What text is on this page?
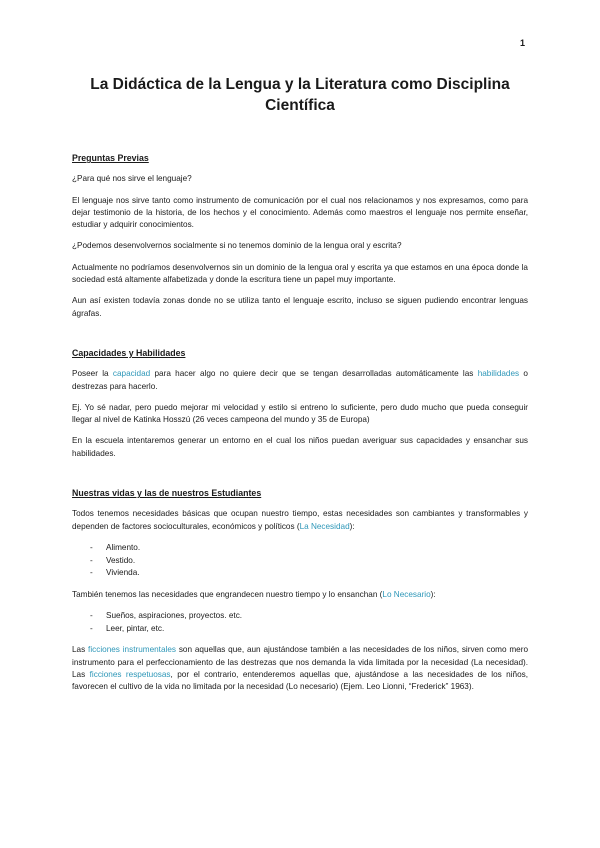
1
La Didáctica de la Lengua y la Literatura como Disciplina
Científica
Preguntas Previas

¿Para qué nos sirve el lenguaje?

El lenguaje nos sirve tanto como instrumento de comunicación por el cual nos relacionamos y nos expresamos, como para dejar testimonio de la historia, de los hechos y el conocimiento. Además como maestros el lenguaje nos permite enseñar, estudiar y adquirir conocimientos.

¿Podemos desenvolvernos socialmente si no tenemos dominio de la lengua oral y escrita?

Actualmente no podríamos desenvolvernos sin un dominio de la lengua oral y escrita ya que estamos en una época donde la sociedad está altamente alfabetizada y donde la escritura tiene un papel muy importante.

Aun así existen todavía zonas donde no se utiliza tanto el lenguaje escrito, incluso se siguen pudiendo encontrar lenguas ágrafas.

Capacidades y Habilidades

Poseer la capacidad para hacer algo no quiere decir que se tengan desarrolladas automáticamente las habilidades o destrezas para hacerlo.

Ej. Yo sé nadar, pero puedo mejorar mi velocidad y estilo si entreno lo suficiente, pero dudo mucho que pueda conseguir llegar al nivel de Katinka Hosszú (26 veces campeona del mundo y 35 de Europa)

En la escuela intentaremos generar un entorno en el cual los niños puedan averiguar sus capacidades y ensanchar sus habilidades.

Nuestras vidas y las de nuestros Estudiantes

Todos tenemos necesidades básicas que ocupan nuestro tiempo, estas necesidades son cambiantes y transformables y dependen de factores socioculturales, económicos y políticos (La Necesidad):

- Alimento.
- Vestido.
- Vivienda.

También tenemos las necesidades que engrandecen nuestro tiempo y lo ensanchan (Lo Necesario):

- Sueños, aspiraciones, proyectos. etc.
- Leer, pintar, etc.

Las ficciones instrumentales son aquellas que, aun ajustándose también a las necesidades de los niños, sirven como mero instrumento para el perfeccionamiento de las destrezas que nos demanda la vida limitada por la necesidad (La necesidad). Las ficciones respetuosas, por el contrario, entenderemos aquellas que, ajustándose a las necesidades de los niños, favorecen el cultivo de la vida no limitada por la necesidad (Lo necesario) (Ejem. Leo Lionni, “Frederick” 1963).
